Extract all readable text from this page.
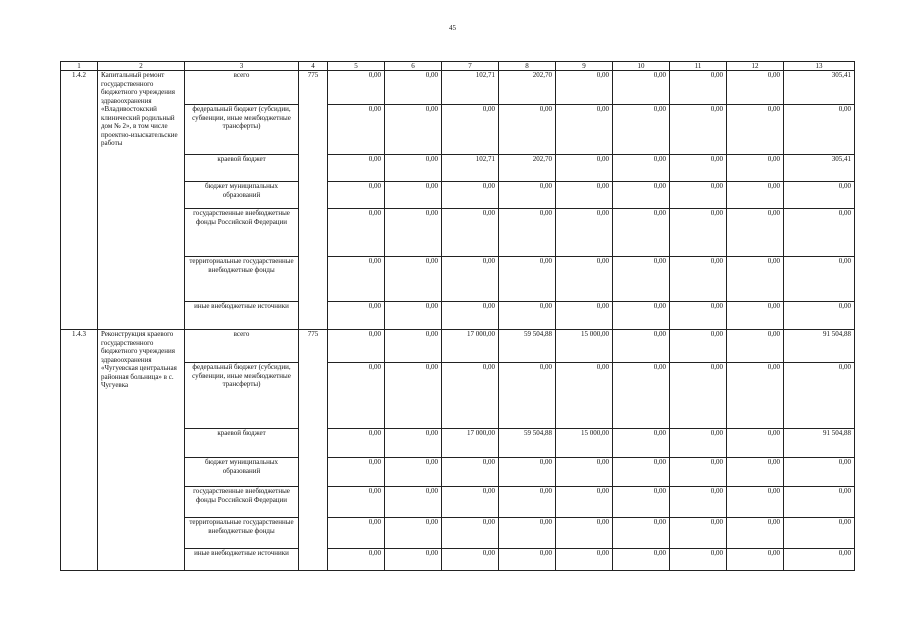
45
1	2	3	4	5	6	7	8	9	10	11	12	13
1.4.2	Капитальный ремонт государственного бюджетного учреждения здравоохранения «Владивостокский клинический родильный дом № 2», в том числе проектно-изыскательские работы	всего	775	0,00	0,00	102,71	202,70	0,00	0,00	0,00	0,00	305,41
		федеральный бюджет (субсидии, субвенции, иные межбюджетные трансферты)		0,00	0,00	0,00	0,00	0,00	0,00	0,00	0,00	0,00
		краевой бюджет		0,00	0,00	102,71	202,70	0,00	0,00	0,00	0,00	305,41
		бюджет муниципальных образований		0,00	0,00	0,00	0,00	0,00	0,00	0,00	0,00	0,00
		государственные внебюджетные фонды Российской Федерации		0,00	0,00	0,00	0,00	0,00	0,00	0,00	0,00	0,00
		территориальные государственные внебюджетные фонды		0,00	0,00	0,00	0,00	0,00	0,00	0,00	0,00	0,00
		иные внебюджетные источники		0,00	0,00	0,00	0,00	0,00	0,00	0,00	0,00	0,00
1.4.3	Реконструкция краевого государственного бюджетного учреждения здравоохранения «Чугуевская центральная районная больница» в с. Чугуевка	всего	775	0,00	0,00	17 000,00	59 504,88	15 000,00	0,00	0,00	0,00	91 504,88
		федеральный бюджет (субсидии, субвенции, иные межбюджетные трансферты)		0,00	0,00	0,00	0,00	0,00	0,00	0,00	0,00	0,00
		краевой бюджет		0,00	0,00	17 000,00	59 504,88	15 000,00	0,00	0,00	0,00	91 504,88
		бюджет муниципальных образований		0,00	0,00	0,00	0,00	0,00	0,00	0,00	0,00	0,00
		государственные внебюджетные фонды Российской Федерации		0,00	0,00	0,00	0,00	0,00	0,00	0,00	0,00	0,00
		территориальные государственные внебюджетные фонды		0,00	0,00	0,00	0,00	0,00	0,00	0,00	0,00	0,00
		иные внебюджетные источники		0,00	0,00	0,00	0,00	0,00	0,00	0,00	0,00	0,00
